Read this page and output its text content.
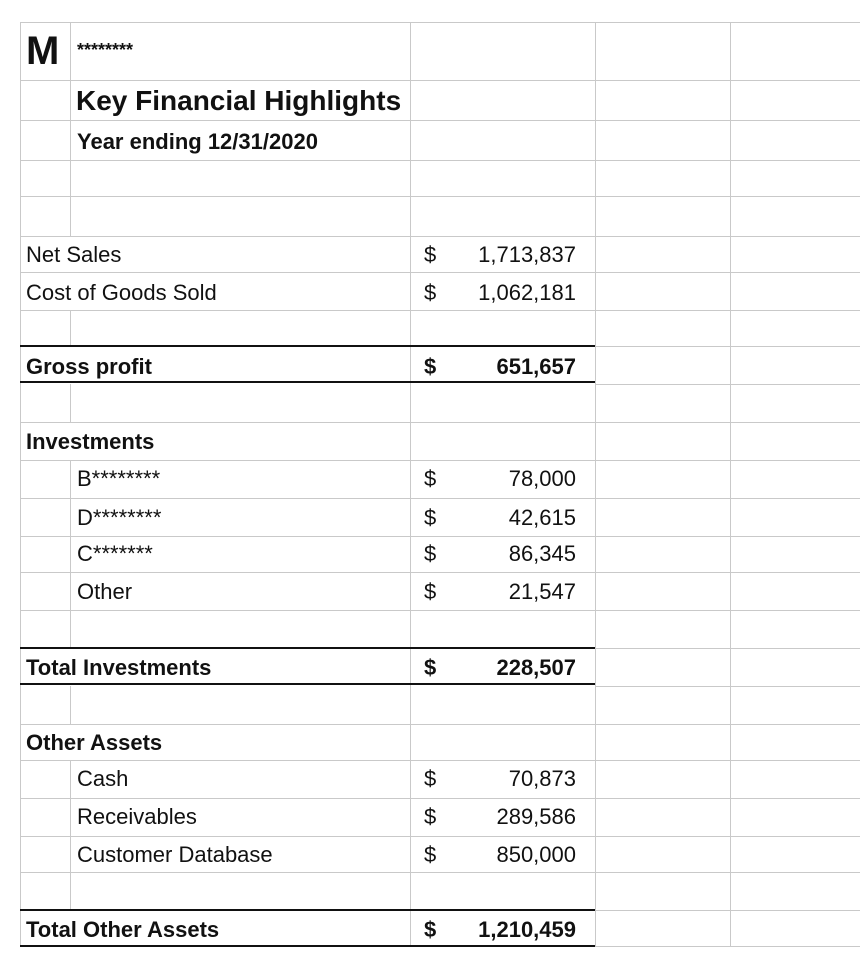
M	********
Key Financial Highlights
Year ending 12/31/2020
Net Sales	$	1,713,837
Cost of Goods Sold	$	1,062,181
Gross profit	$	651,657
Investments
B********	$	78,000
D********	$	42,615
C*******	$	86,345
Other	$	21,547
Total Investments	$	228,507
Other Assets
Cash	$	70,873
Receivables	$	289,586
Customer Database	$	850,000
Total Other Assets	$	1,210,459
